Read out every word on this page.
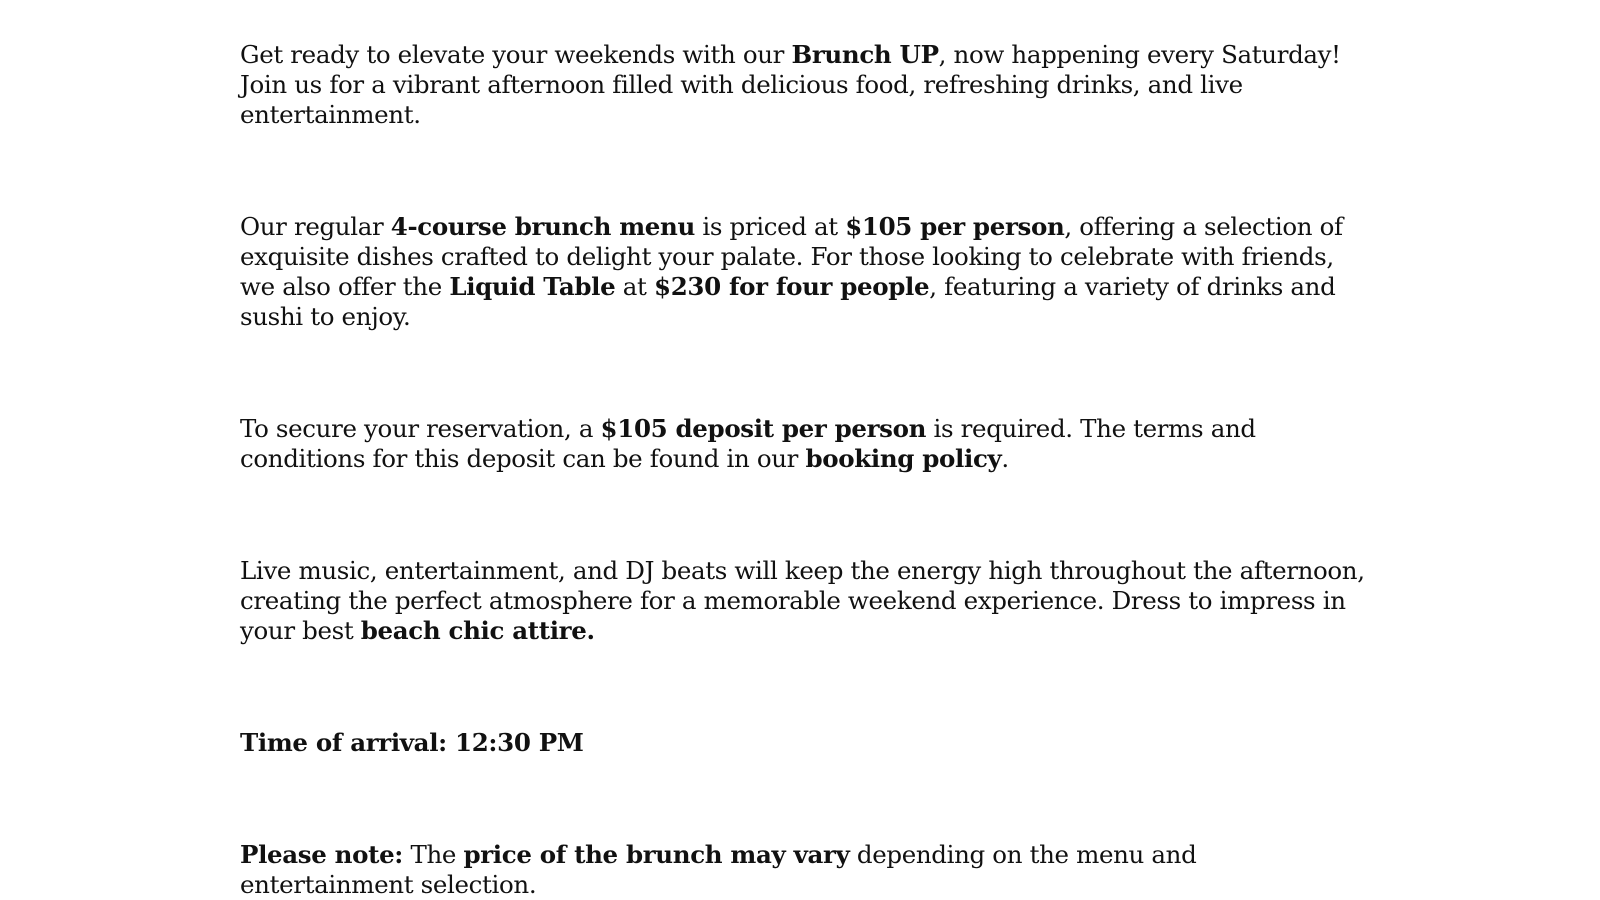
Get ready to elevate your weekends with our Brunch UP, now happening every Saturday! Join us for a vibrant afternoon filled with delicious food, refreshing drinks, and live entertainment.

Our regular 4-course brunch menu is priced at $105 per person, offering a selection of exquisite dishes crafted to delight your palate. For those looking to celebrate with friends, we also offer the Liquid Table at $230 for four people, featuring a variety of drinks and sushi to enjoy.

To secure your reservation, a $105 deposit per person is required. The terms and conditions for this deposit can be found in our booking policy.

Live music, entertainment, and DJ beats will keep the energy high throughout the afternoon, creating the perfect atmosphere for a memorable weekend experience. Dress to impress in your best beach chic attire.

Time of arrival: 12:30 PM

Please note: The price of the brunch may vary depending on the menu and entertainment selection.
